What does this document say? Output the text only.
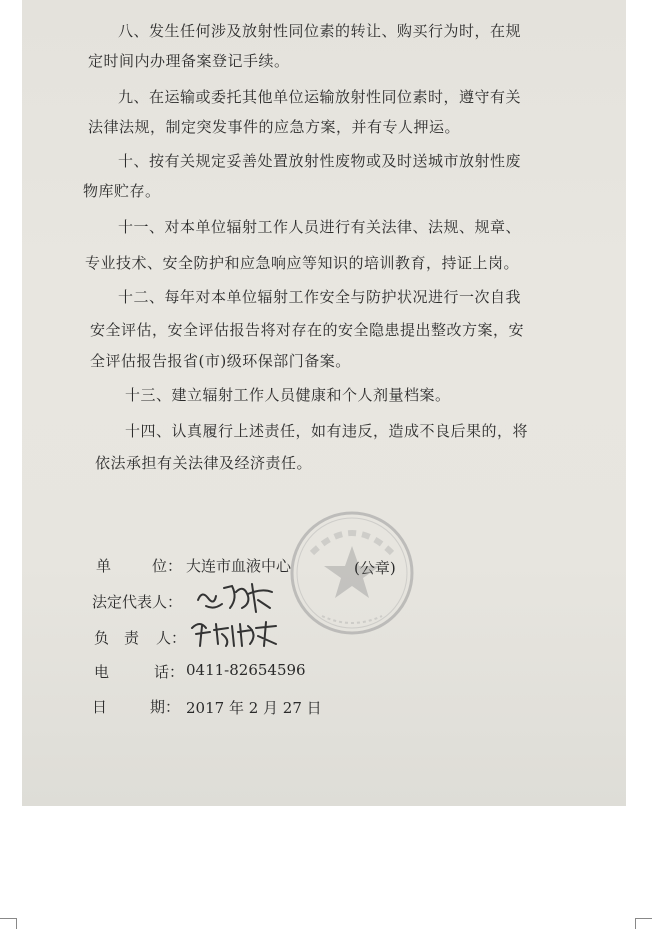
八、发生任何涉及放射性同位素的转让、购买行为时，在规

定时间内办理备案登记手续。

九、在运输或委托其他单位运输放射性同位素时，遵守有关

法律法规，制定突发事件的应急方案，并有专人押运。

十、按有关规定妥善处置放射性废物或及时送城市放射性废

物库贮存。

十一、对本单位辐射工作人员进行有关法律、法规、规章、

专业技术、安全防护和应急响应等知识的培训教育，持证上岗。

十二、每年对本单位辐射工作安全与防护状况进行一次自我

安全评估，安全评估报告将对存在的安全隐患提出整改方案，安

全评估报告报省(市)级环保部门备案。

十三、建立辐射工作人员健康和个人剂量档案。

十四、认真履行上述责任，如有违反，造成不良后果的，将

依法承担有关法律及经济责任。

单	位： 大连市血液中心	(公章)
法定代表人：
负 责 人：
电	话： 0411-82654596
日	期： 2017 年 2 月 27 日
